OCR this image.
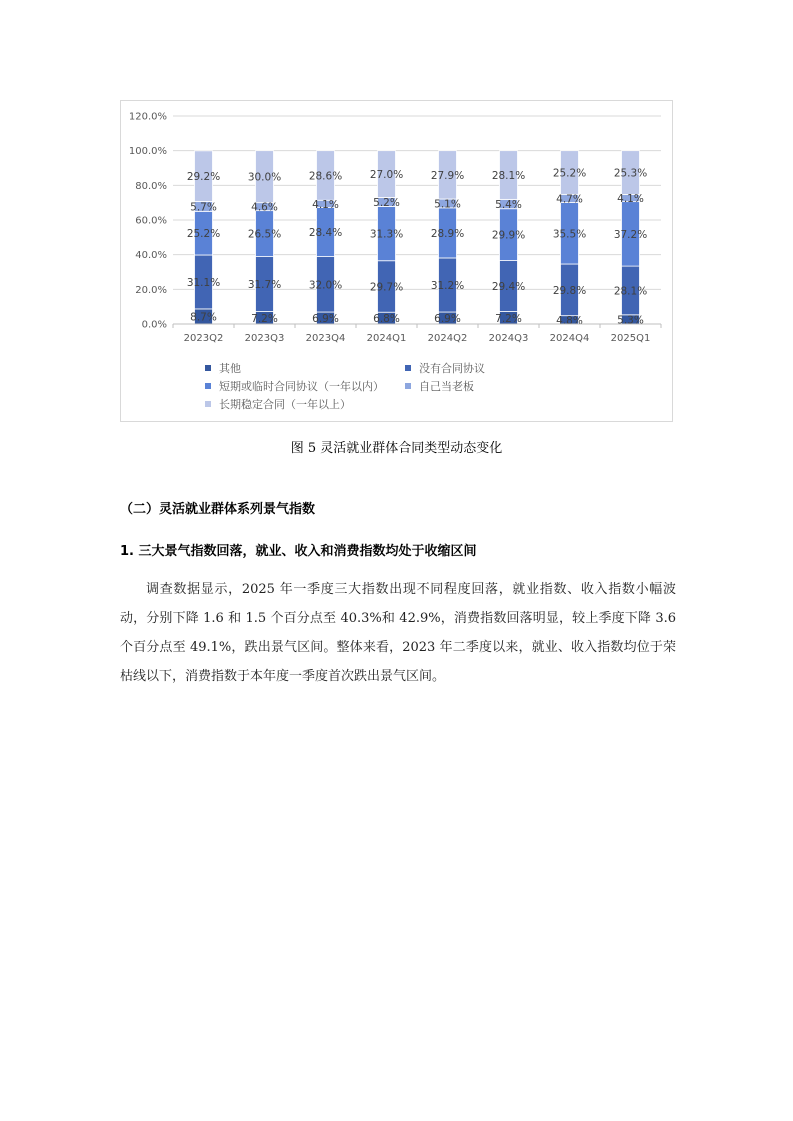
8.7%
31.1%
25.2%
5.7%
29.2%
7.2%
31.7%
26.5%
4.6%
30.0%
6.9%
32.0%
28.4%
4.1%
28.6%
6.8%
29.7%
31.3%
5.2%
27.0%
6.9%
31.2%
28.9%
5.1%
27.9%
7.2%
29.4%
29.9%
5.4%
28.1%
4.8%
29.8%
35.5%
4.7%
25.2%
5.3%
28.1%
37.2%
4.1%
25.3%
0.0%
20.0%
40.0%
60.0%
80.0%
100.0%
120.0%
2023Q2 2023Q3 2023Q4 2024Q1 2024Q2 2024Q3 2024Q4 2025Q1
其他	没有合同协议
短期或临时合同协议（一年以内）	自己当老板
长期稳定合同（一年以上）
图 5 灵活就业群体合同类型动态变化
（二）灵活就业群体系列景气指数
1. 三大景气指数回落，就业、收入和消费指数均处于收缩区间

调查数据显示，2025 年一季度三大指数出现不同程度回落，就业指数、收入指数小幅波动，分别下降 1.6 和 1.5 个百分点至 40.3%和 42.9%，消费指数回落明显，较上季度下降 3.6 个百分点至 49.1%，跌出景气区间。整体来看，2023 年二季度以来，就业、收入指数均位于荣枯线以下，消费指数于本年度一季度首次跌出景气区间。
